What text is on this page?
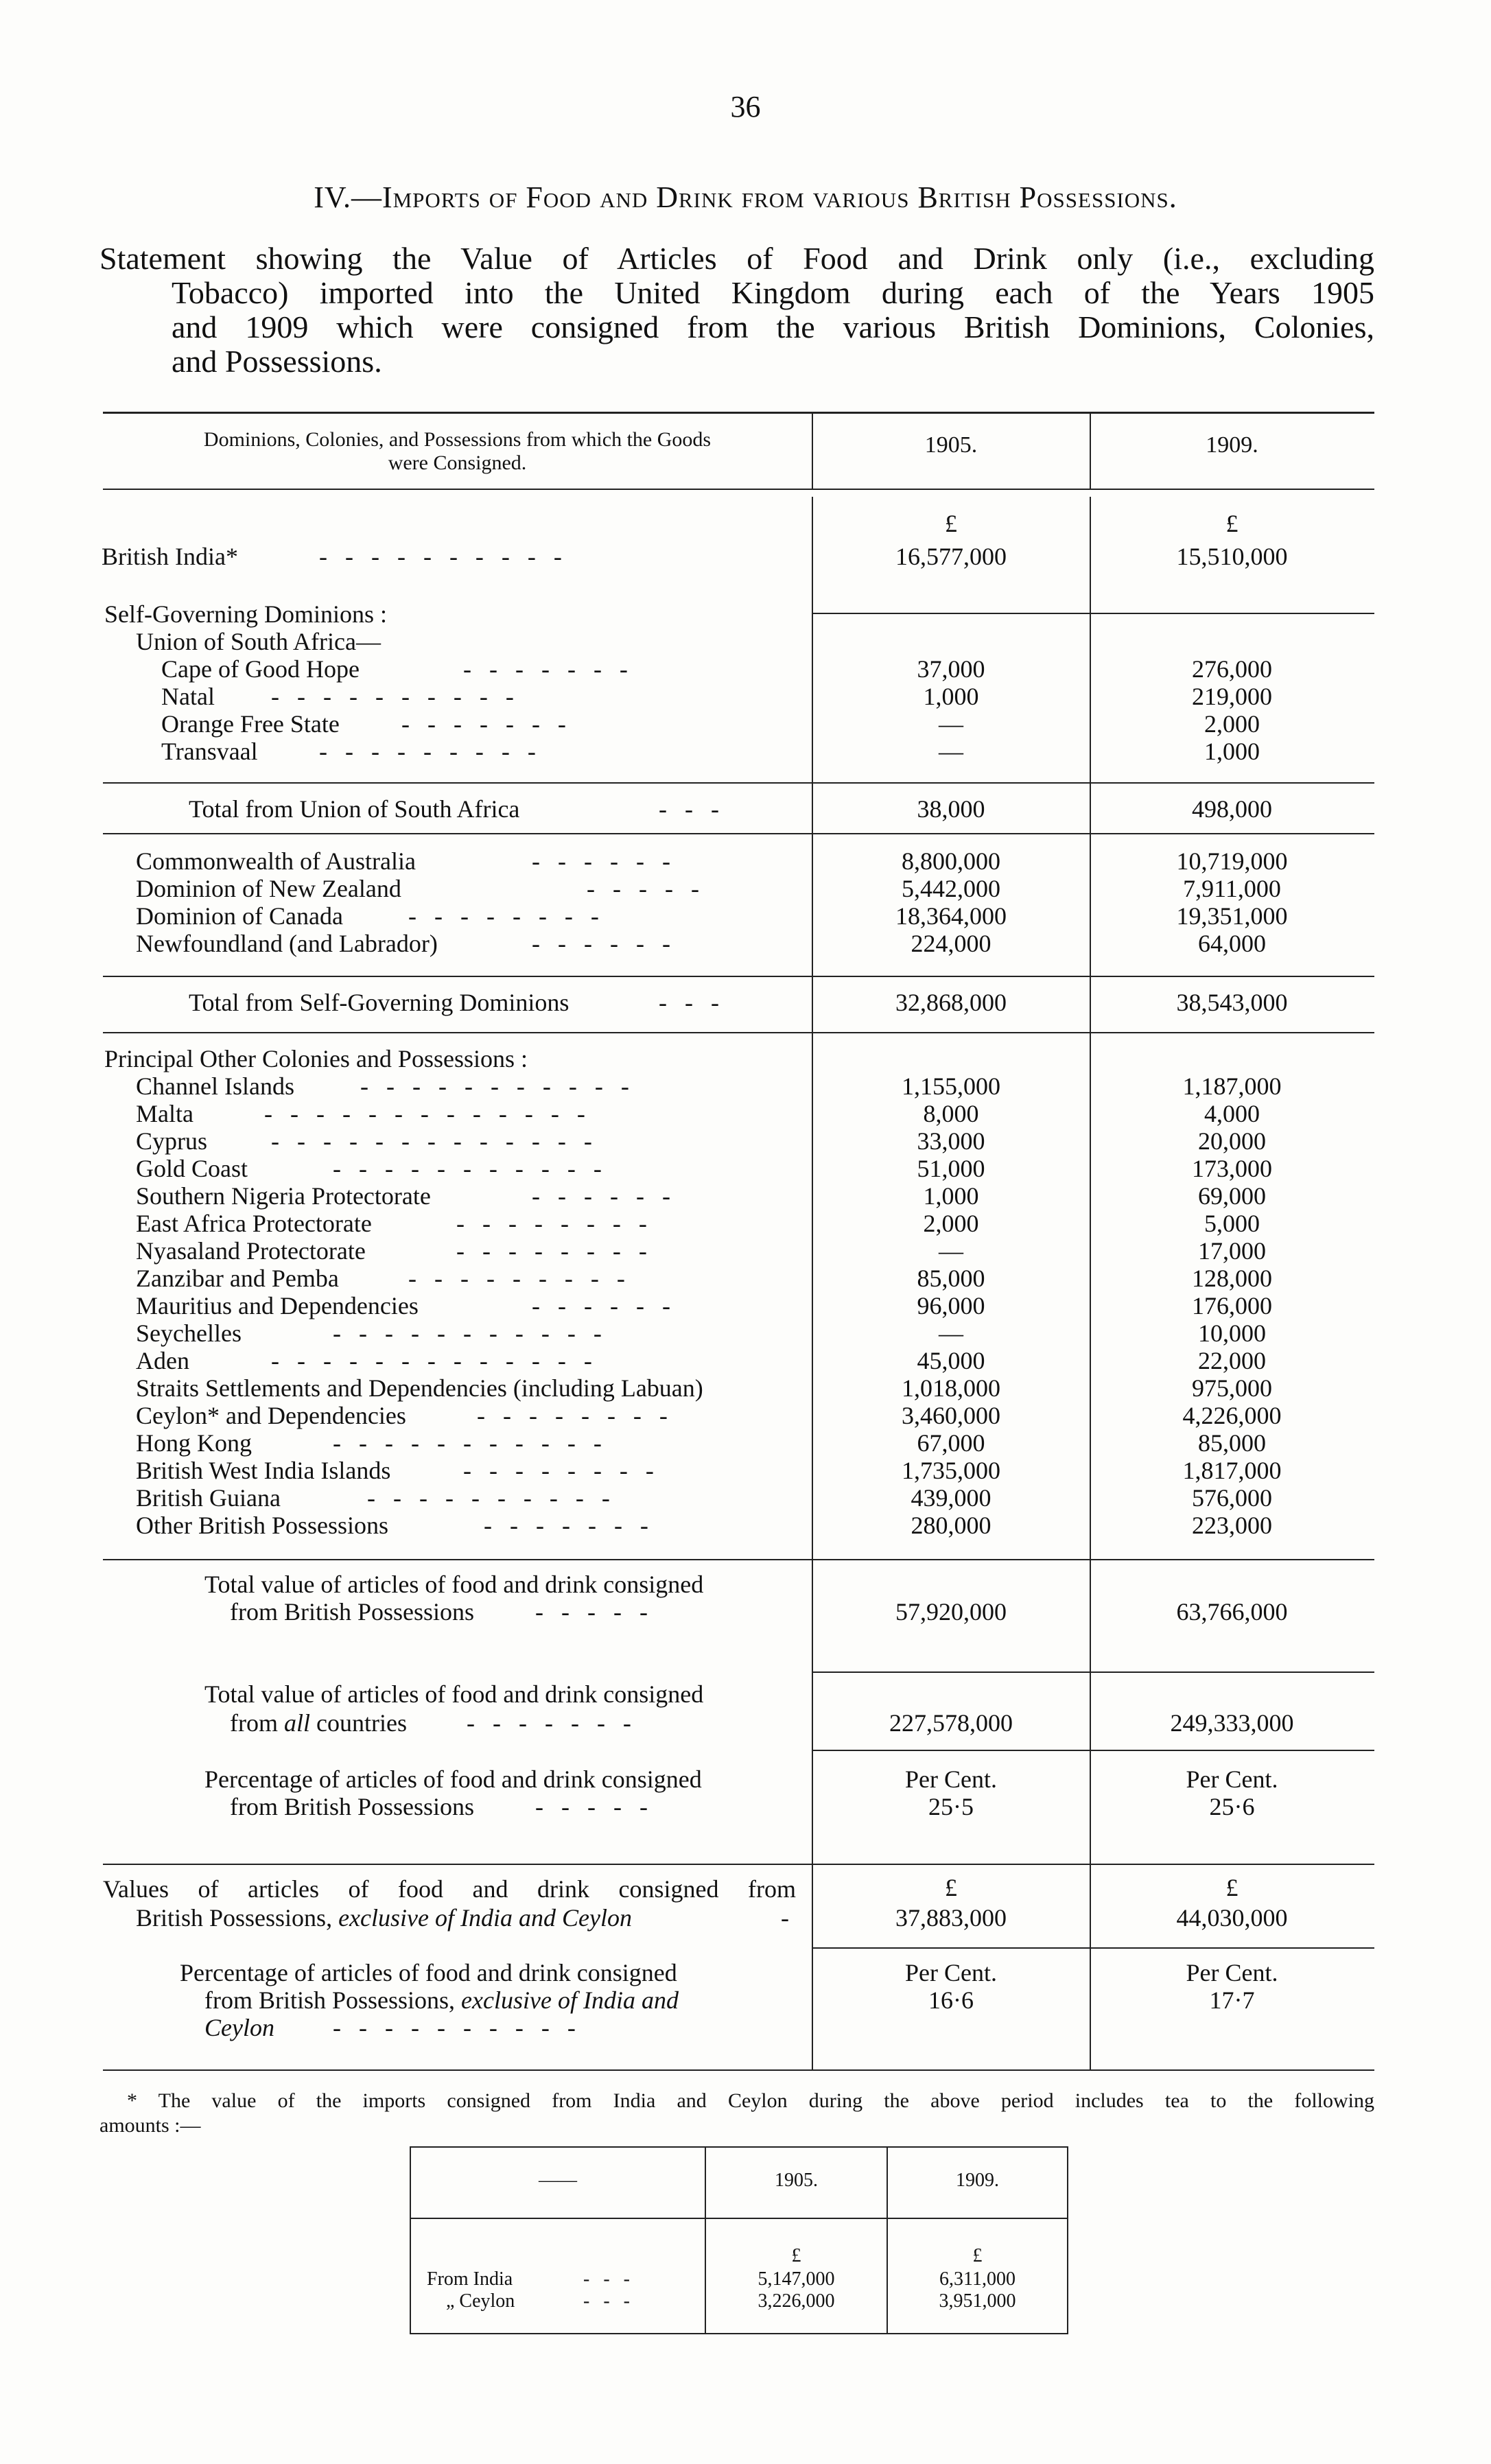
36
IV.—Imports of Food and Drink from various British Possessions.
Statement showing the Value of Articles of Food and Drink only (i.e., excluding
Tobacco) imported into the United Kingdom during each of the Years 1905
and 1909 which were consigned from the various British Dominions, Colonies,
and Possessions.
Dominions, Colonies, and Possessions from which the Goods
were Consigned.
1905.	1909.
£	£
British India*	----------	16,577,000	15,510,000
Self-Governing Dominions :
Union of South Africa—
Cape of Good Hope	-------	37,000	276,000
Natal ----------	1,000	219,000
Orange Free State	-------	—	2,000
Transvaal ---------	—	1,000
Total from Union of South Africa	---	38,000	498,000
Commonwealth of Australia	------	8,800,000	10,719,000
Dominion of New Zealand	-----	5,442,000	7,911,000
Dominion of Canada	--------	18,364,000	19,351,000
Newfoundland (and Labrador)	------	224,000	64,000
Total from Self-Governing Dominions	---	32,868,000	38,543,000
Principal Other Colonies and Possessions :
Channel Islands	-----------	1,155,000	1,187,000
Malta	-------------	8,000	4,000
Cyprus	-------------	33,000	20,000
Gold Coast	-----------	51,000	173,000
Southern Nigeria Protectorate	------	1,000	69,000
East Africa Protectorate	--------	2,000	5,000
Nyasaland Protectorate	--------	—	17,000
Zanzibar and Pemba	---------	85,000	128,000
Mauritius and Dependencies	------	96,000	176,000
Seychelles	-----------	—	10,000
Aden	-------------	45,000	22,000
Straits Settlements and Dependencies (including Labuan)	1,018,000	975,000
Ceylon* and Dependencies	--------	3,460,000	4,226,000
Hong Kong	-----------	67,000	85,000
British West India Islands	--------	1,735,000	1,817,000
British Guiana	----------	439,000	576,000
Other British Possessions	-------	280,000	223,000
Total value of articles of food and drink consigned
from British Possessions -----	57,920,000	63,766,000
Total value of articles of food and drink consigned
from all countries -------	227,578,000	249,333,000
Percentage of articles of food and drink consigned
from British Possessions -----
Per Cent.	Per Cent.
25·5	25·6
£	£
Values of articles of food and drink consigned from
British Possessions, exclusive of India and Ceylon	-	37,883,000	44,030,000
Percentage of articles of food and drink consigned
from British Possessions, exclusive of India and
Ceylon ----------
Per Cent.	Per Cent.
16·6	17·7
* The value of the imports consigned from India and Ceylon during the above period includes tea to the following
amounts :—
——	1905.	1909.
£	£
From India	---	5,147,000	6,311,000
„ Ceylon	---	3,226,000	3,951,000
